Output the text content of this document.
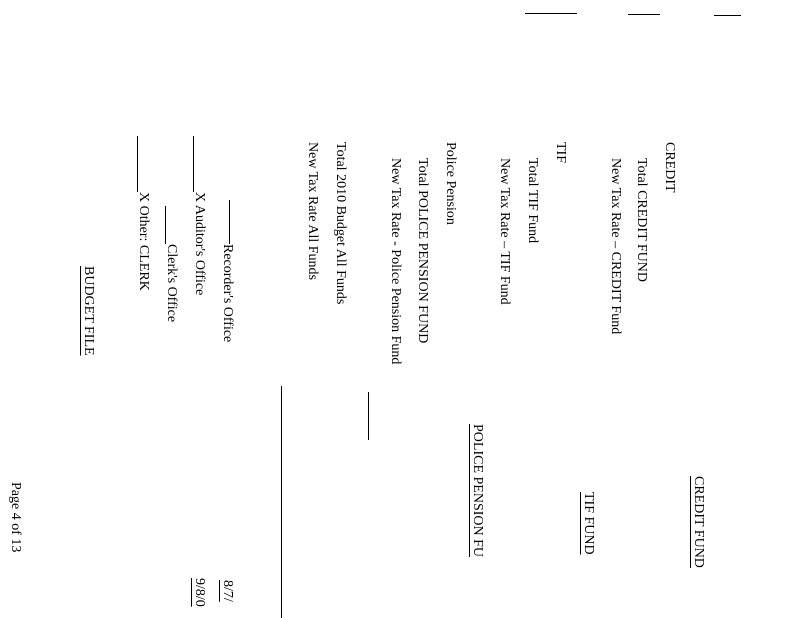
CREDIT
Total CREDIT FUND
New Tax Rate – CREDIT Fund
TIF
Total TIF Fund
New Tax Rate – TIF Fund
Police Pension
Total POLICE PENSION FUND
New Tax Rate - Police Pension Fund
Total 2010 Budget All Funds
New Tax Rate All Funds
Recorder's Office
X Auditor's Office
Clerk's Office
X Other: CLERK
BUDGET FILE
CREDIT FUND
TIF FUND
POLICE PENSION FU
8/7/
9/8/0
Page 4 of 13
